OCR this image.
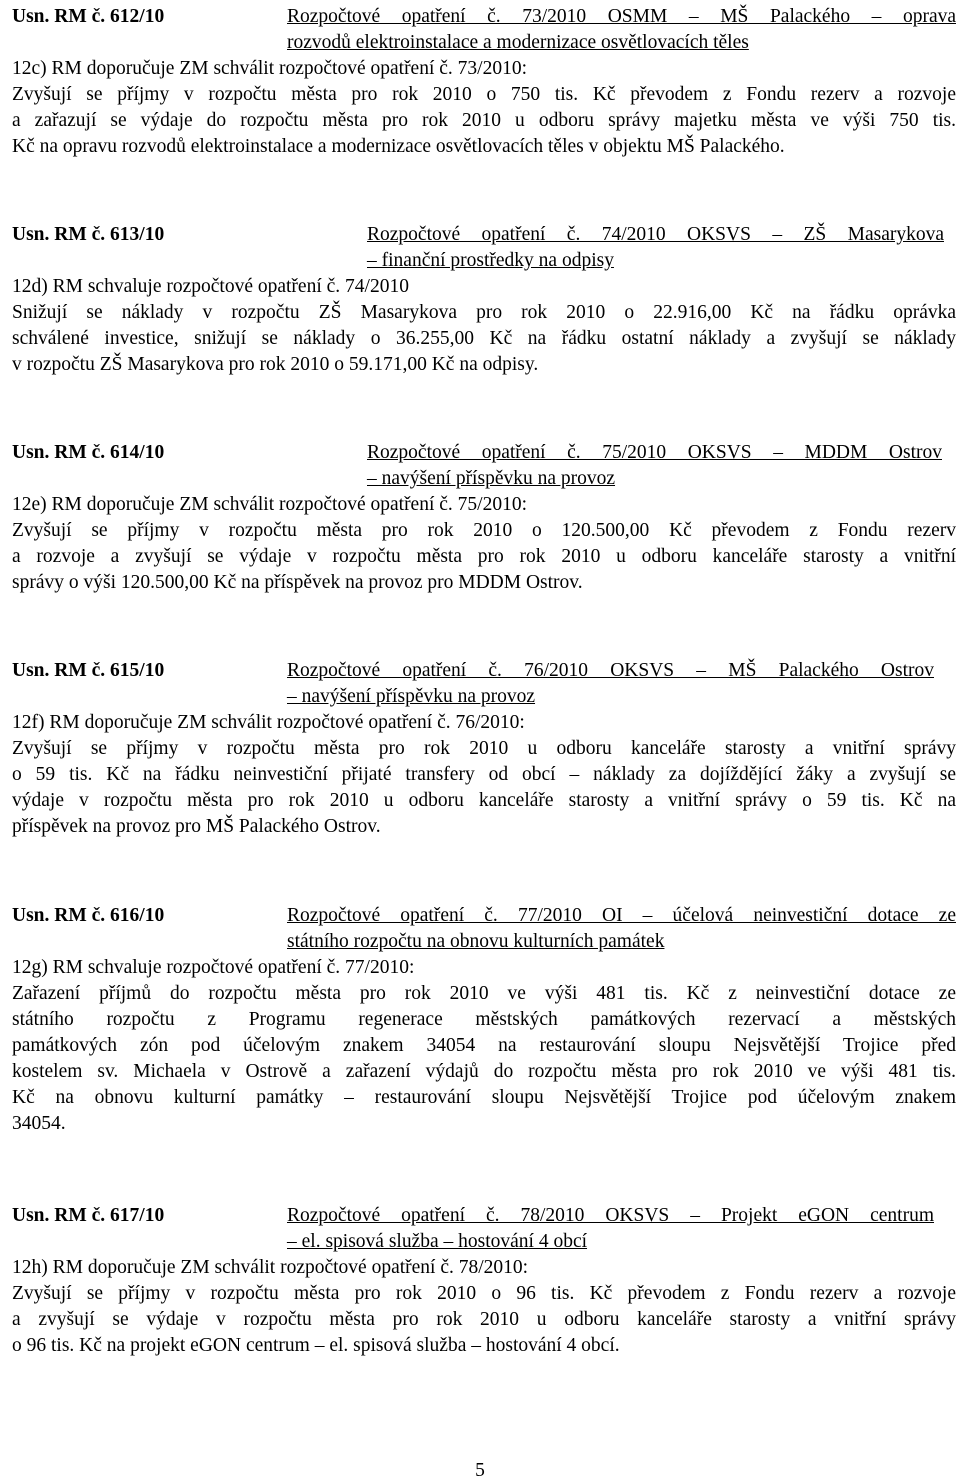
Usn. RM č. 612/10	Rozpočtové opatření č. 73/2010 OSMM – MŠ Palackého – oprava
rozvodů elektroinstalace a modernizace osvětlovacích těles
12c) RM doporučuje ZM schválit rozpočtové opatření č. 73/2010:
Zvyšují se příjmy v rozpočtu města pro rok 2010 o 750 tis. Kč převodem z Fondu rezerv a rozvoje
a zařazují se výdaje do rozpočtu města pro rok 2010 u odboru správy majetku města ve výši 750 tis.
Kč na opravu rozvodů elektroinstalace a modernizace osvětlovacích těles v objektu MŠ Palackého.
Usn. RM č. 613/10	Rozpočtové opatření č. 74/2010 OKSVS – ZŠ Masarykova
– finanční prostředky na odpisy
12d) RM schvaluje rozpočtové opatření č. 74/2010
Snižují se náklady v rozpočtu ZŠ Masarykova pro rok 2010 o 22.916,00 Kč na řádku oprávka
schválené investice, snižují se náklady o 36.255,00 Kč na řádku ostatní náklady a zvyšují se náklady
v rozpočtu ZŠ Masarykova pro rok 2010 o 59.171,00 Kč na odpisy.
Usn. RM č. 614/10	Rozpočtové opatření č. 75/2010 OKSVS – MDDM Ostrov
– navýšení příspěvku na provoz
12e) RM doporučuje ZM schválit rozpočtové opatření č. 75/2010:
Zvyšují se příjmy v rozpočtu města pro rok 2010 o 120.500,00 Kč převodem z Fondu rezerv
a rozvoje a zvyšují se výdaje v rozpočtu města pro rok 2010 u odboru kanceláře starosty a vnitřní
správy o výši 120.500,00 Kč na příspěvek na provoz pro MDDM Ostrov.
Usn. RM č. 615/10	Rozpočtové opatření č. 76/2010 OKSVS – MŠ Palackého Ostrov
– navýšení příspěvku na provoz
12f) RM doporučuje ZM schválit rozpočtové opatření č. 76/2010:
Zvyšují se příjmy v rozpočtu města pro rok 2010 u odboru kanceláře starosty a vnitřní správy
o 59 tis. Kč na řádku neinvestiční přijaté transfery od obcí – náklady za dojíždějící žáky a zvyšují se
výdaje v rozpočtu města pro rok 2010 u odboru kanceláře starosty a vnitřní správy o 59 tis. Kč na
příspěvek na provoz pro MŠ Palackého Ostrov.
Usn. RM č. 616/10	Rozpočtové opatření č. 77/2010 OI – účelová neinvestiční dotace ze
státního rozpočtu na obnovu kulturních památek
12g) RM schvaluje rozpočtové opatření č. 77/2010:
Zařazení příjmů do rozpočtu města pro rok 2010 ve výši 481 tis. Kč z neinvestiční dotace ze
státního rozpočtu z Programu regenerace městských památkových rezervací a městských
památkových zón pod účelovým znakem 34054 na restaurování sloupu Nejsvětější Trojice před
kostelem sv. Michaela v Ostrově a zařazení výdajů do rozpočtu města pro rok 2010 ve výši 481 tis.
Kč na obnovu kulturní památky – restaurování sloupu Nejsvětější Trojice pod účelovým znakem
34054.
Usn. RM č. 617/10	Rozpočtové opatření č. 78/2010 OKSVS – Projekt eGON centrum
– el. spisová služba – hostování 4 obcí
12h) RM doporučuje ZM schválit rozpočtové opatření č. 78/2010:
Zvyšují se příjmy v rozpočtu města pro rok 2010 o 96 tis. Kč převodem z Fondu rezerv a rozvoje
a zvyšují se výdaje v rozpočtu města pro rok 2010 u odboru kanceláře starosty a vnitřní správy
o 96 tis. Kč na projekt eGON centrum – el. spisová služba – hostování 4 obcí.
5
